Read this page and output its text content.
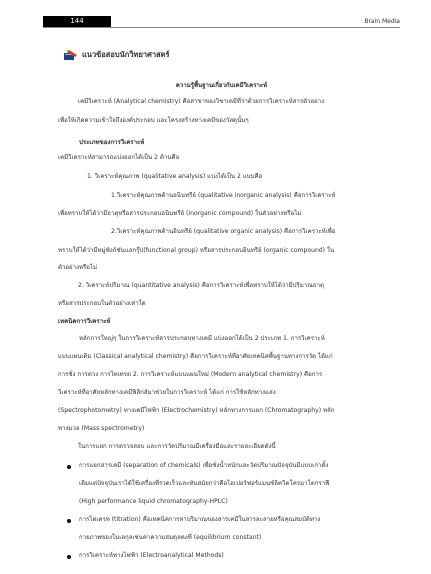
144	Brain Media
แนวข้อสอบนักวิทยาศาสตร์
ความรู้พื้นฐานเกี่ยวกับเคมีวิเคราะห์
เคมีวิเคราะห์ (Analytical chemistry) คือสาขาของวิชาเคมีที่ว่าด้วยการวิเคราะห์สารตัวอย่าง
เพื่อให้เกิดความเข้าใจถึงองค์ประกอบ และโครงสร้างทางเคมีของวัสดุนั้นๆ
ประเภทของการวิเคราะห์
เคมีวิเคราะห์สามารถแบ่งออกได้เป็น 2 ด้านคือ
1. วิเคราะห์คุณภาพ (qualitative analysis) แบ่งได้เป็น 2 แบบคือ
1.วิเคราะห์คุณภาพด้านอนินทรีย์ (qualitative inorganic analysis) คือการวิเคราะห์
เพื่อทราบให้ได้ว่ามีธาตุหรือสารประกอบอนินทรีย์ (inorganic compound) ในตัวอย่างหรือไม่
2.วิเคราะห์คุณภาพด้านอินทรีย์ (qualitative organic analysis) คือการวิเคราะห์เพื่อ
ทราบให้ได้ว่ามีหมู่ฟังก์ชันแลกรุ๊ป(functional group) หรือสารประกอบอินทรีย์ (organic compound) ใน
ตัวอย่างหรือไม่
2. วิเคราะห์ปริมาณ (quantitative analysis) คือการวิเคราะห์เพื่อทราบให้ได้ว่ามีปริมาณธาตุ
หรือสารประกอบในตัวอย่างเท่าใด
เทคนิคการวิเคราะห์
หลักการใหญ่ๆ ในการวิเคราะห์สารประกอบทางเคมี แบ่งออกได้เป็น 2 ประเภท 1. การวิเคราะห์
แบบแผนเดิม (Classical analytical chemistry) คือการวิเคราะห์ที่อาศัยเทคนิคพื้นฐานทางการวัด ได้แก่
การชั่ง การตวง การไทเทรต 2. การวิเคราะห์แบบแผนใหม่ (Modern analytical chemistry) คือการ
วิเคราะห์ที่อาศัยหลักทางเคมีฟิสิกส์มาช่วยในการวิเคราะห์ ได้แก่ การใช้หลักทางแสง
(Spectrophotometry) ทางเคมีไฟฟ้า (Electrochemistry) หลักทางการแยก (Chromatography) หลัก
ทางมวล (Mass spectrometry)
ในการแยก การตรวจสอบ และการวัดปริมาณมีเครื่องมือและรายละเอียดดังนี้
การแยกสารเคมี (separation of chemicals) เพื่อชั่งน้ำหนักและวัดปริมาณปัจจุบันมีแบบเก่าตั้ง
เดิมแต่ปัจจุบันเราได้ใช้เครื่องที่รวดเร็วและทันสมัยกว่าคือไฮเปอร์ฟอร์แมนซ์ลิควิดโครมาโตกราฟี
(High performance liquid chromatography-HPLC)
การไตเตรท (titration) คือเทคนิคการหาปริมาณของสารเคมีในสารละลายหรือคุณสมบัติทาง
กายภาพของโมเลกุลเช่นค่าความสมดุลคงที่ (equilibrium constant)
การวิเคราะห์ทางไฟฟ้า (Electroanalytical Methods)
